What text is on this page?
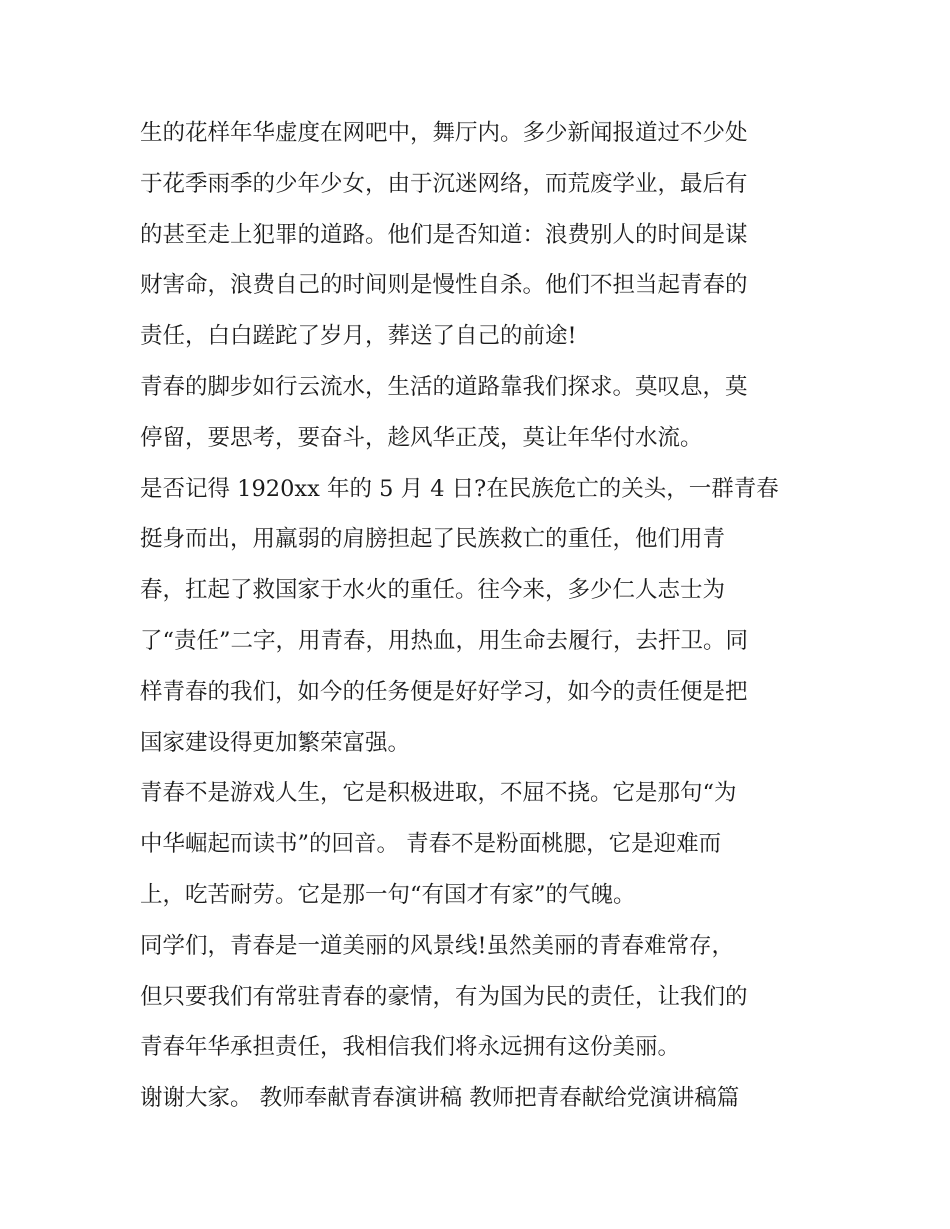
生的花样年华虚度在网吧中，舞厅内。多少新闻报道过不少处
于花季雨季的少年少女，由于沉迷网络，而荒废学业，最后有
的甚至走上犯罪的道路。他们是否知道：浪费别人的时间是谋
财害命，浪费自己的时间则是慢性自杀。他们不担当起青春的
责任，白白蹉跎了岁月，葬送了自己的前途!
青春的脚步如行云流水，生活的道路靠我们探求。莫叹息，莫
停留，要思考，要奋斗，趁风华正茂，莫让年华付水流。
是否记得 1920xx 年的 5 月 4 日?在民族危亡的关头，一群青春
挺身而出，用羸弱的肩膀担起了民族救亡的重任，他们用青
春，扛起了救国家于水火的重任。往今来，多少仁人志士为
了“责任”二字，用青春，用热血，用生命去履行，去扞卫。同
样青春的我们，如今的任务便是好好学习，如今的责任便是把
国家建设得更加繁荣富强。
青春不是游戏人生，它是积极进取，不屈不挠。它是那句“为
中华崛起而读书”的回音。 青春不是粉面桃腮，它是迎难而
上，吃苦耐劳。它是那一句“有国才有家”的气魄。
同学们，青春是一道美丽的风景线!虽然美丽的青春难常存，
但只要我们有常驻青春的豪情，有为国为民的责任，让我们的
青春年华承担责任，我相信我们将永远拥有这份美丽。
谢谢大家。 教师奉献青春演讲稿 教师把青春献给党演讲稿篇
